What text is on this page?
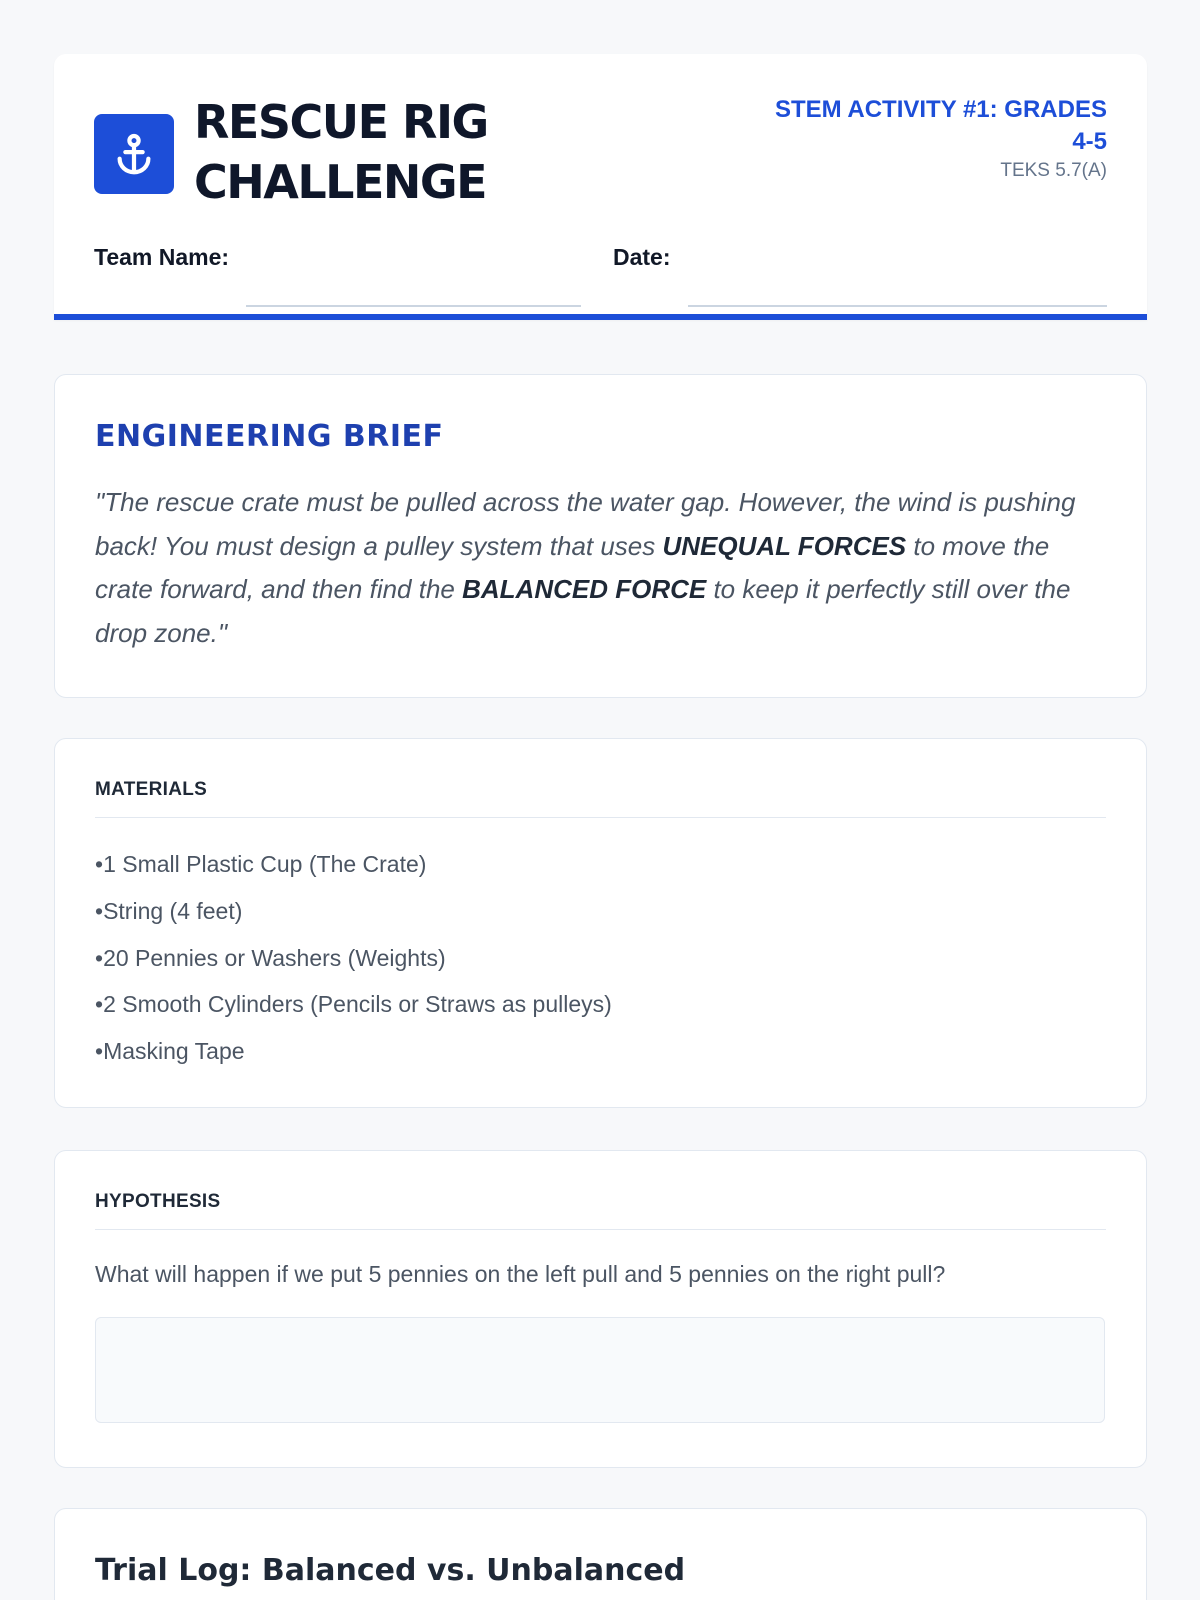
RESCUE RIG CHALLENGE
STEM ACTIVITY #1: GRADES 4-5
TEKS 5.7(A)
Team Name:	Date:
ENGINEERING BRIEF

"The rescue crate must be pulled across the water gap. However, the wind is pushing back! You must design a pulley system that uses UNEQUAL FORCES to move the crate forward, and then find the BALANCED FORCE to keep it perfectly still over the drop zone."

MATERIALS
• 1 Small Plastic Cup (The Crate)
• String (4 feet)
• 20 Pennies or Washers (Weights)
• 2 Smooth Cylinders (Pencils or Straws as pulleys)
• Masking Tape
HYPOTHESIS
What will happen if we put 5 pennies on the left pull and 5 pennies on the right pull?
Trial Log: Balanced vs. Unbalanced
